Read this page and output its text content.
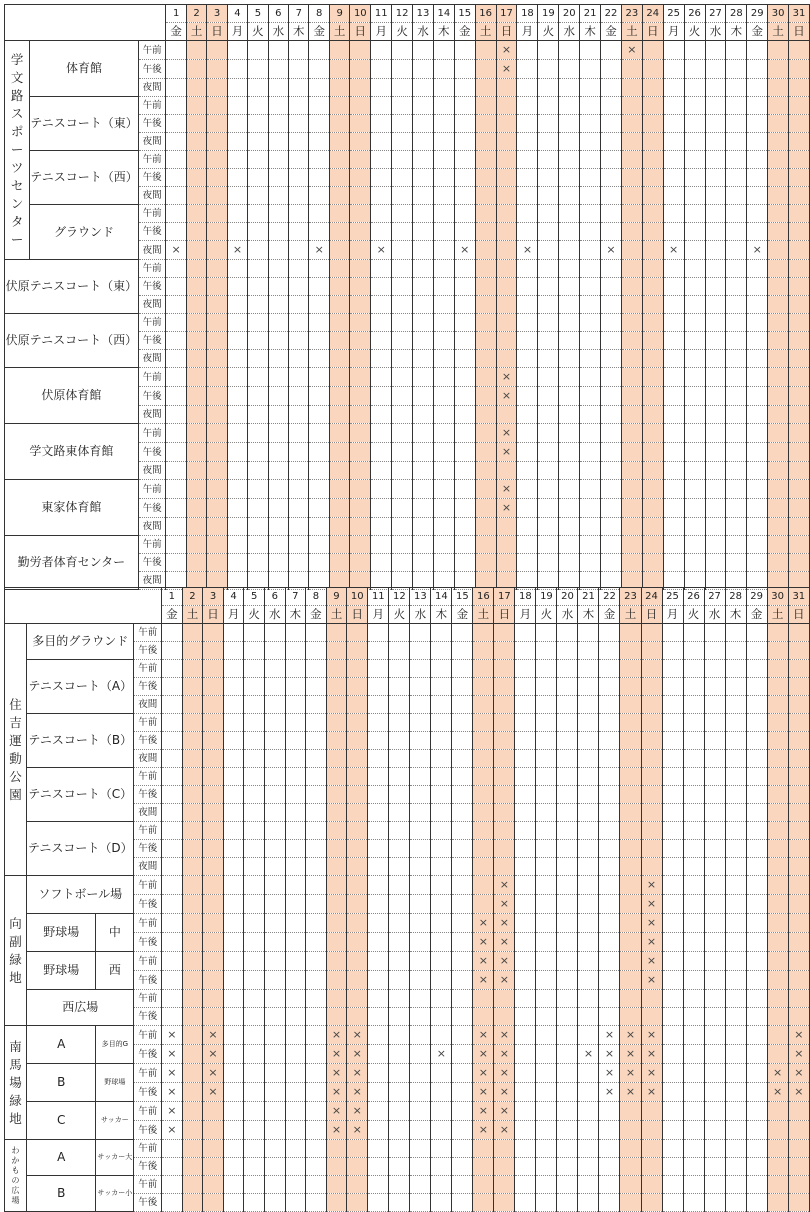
			1	2	3	4	5	6	7	8	9	10	11	12	13	14	15	16	17	18	19	20	21	22	23	24	25	26	27	28	29	30	31
			金	土	日	月	火	水	木	金	土	日	月	火	水	木	金	土	日	月	火	水	木	金	土	日	月	火	水	木	金	土	日

学文路スポーツセンター	体育館	午前																	×						×								
		午後																	×														
		夜間																															
	テニスコート（東）	午前																															
		午後																															
		夜間																															
	テニスコート（西）	午前																															
		午後																															
		夜間																															
	グラウンド	午前																															
		午後																															
		夜間	×			×				×			×				×			×				×			×				×		
伏原テニスコート（東）		午前																															
		午後																															
		夜間																															
伏原テニスコート（西）		午前																															
		午後																															
		夜間																															
伏原体育館		午前																	×														
		午後																	×														
		夜間																															
学文路東体育館		午前																	×														
		午後																	×														
		夜間																															
東家体育館		午前																	×														
		午後																	×														
		夜間																															
勤労者体育センター		午前																															
		午後																															
		夜間																															
				1	2	3	4	5	6	7	8	9	10	11	12	13	14	15	16	17	18	19	20	21	22	23	24	25	26	27	28	29	30	31
				金	土	日	月	火	水	木	金	土	日	月	火	水	木	金	土	日	月	火	水	木	金	土	日	月	火	水	木	金	土	日

住吉運動公園	多目的グラウンド		午前																															
			午後																															
	テニスコート（A）		午前																															
			午後																															
			夜間																															
	テニスコート（B）		午前																															
			午後																															
			夜間																															
	テニスコート（C）		午前																															
			午後																															
			夜間																															
	テニスコート（D）		午前																															
			午後																															
			夜間																															

向副緑地	ソフトボール場		午前																	×							×							
			午後																	×							×							
	野球場	中	午前																×	×							×							
			午後																×	×							×							
	野球場	西	午前																×	×							×							
			午後																×	×							×							
	西広場		午前																															
			午後																															

南馬場緑地	A	多目的G	午前	×		×						×	×						×	×					×	×	×							×
			午後	×		×						×	×				×		×	×				×	×	×	×							×
	B	野球場	午前	×		×						×	×						×	×					×	×	×						×	×
			午後	×		×						×	×						×	×					×	×	×						×	×
	C	サッカー	午前	×								×	×						×	×														
			午後	×								×	×						×	×														

わかもの広場	A	サッカー大	午前																															
			午後																															
	B	サッカー小	午前																															
			午後																															
